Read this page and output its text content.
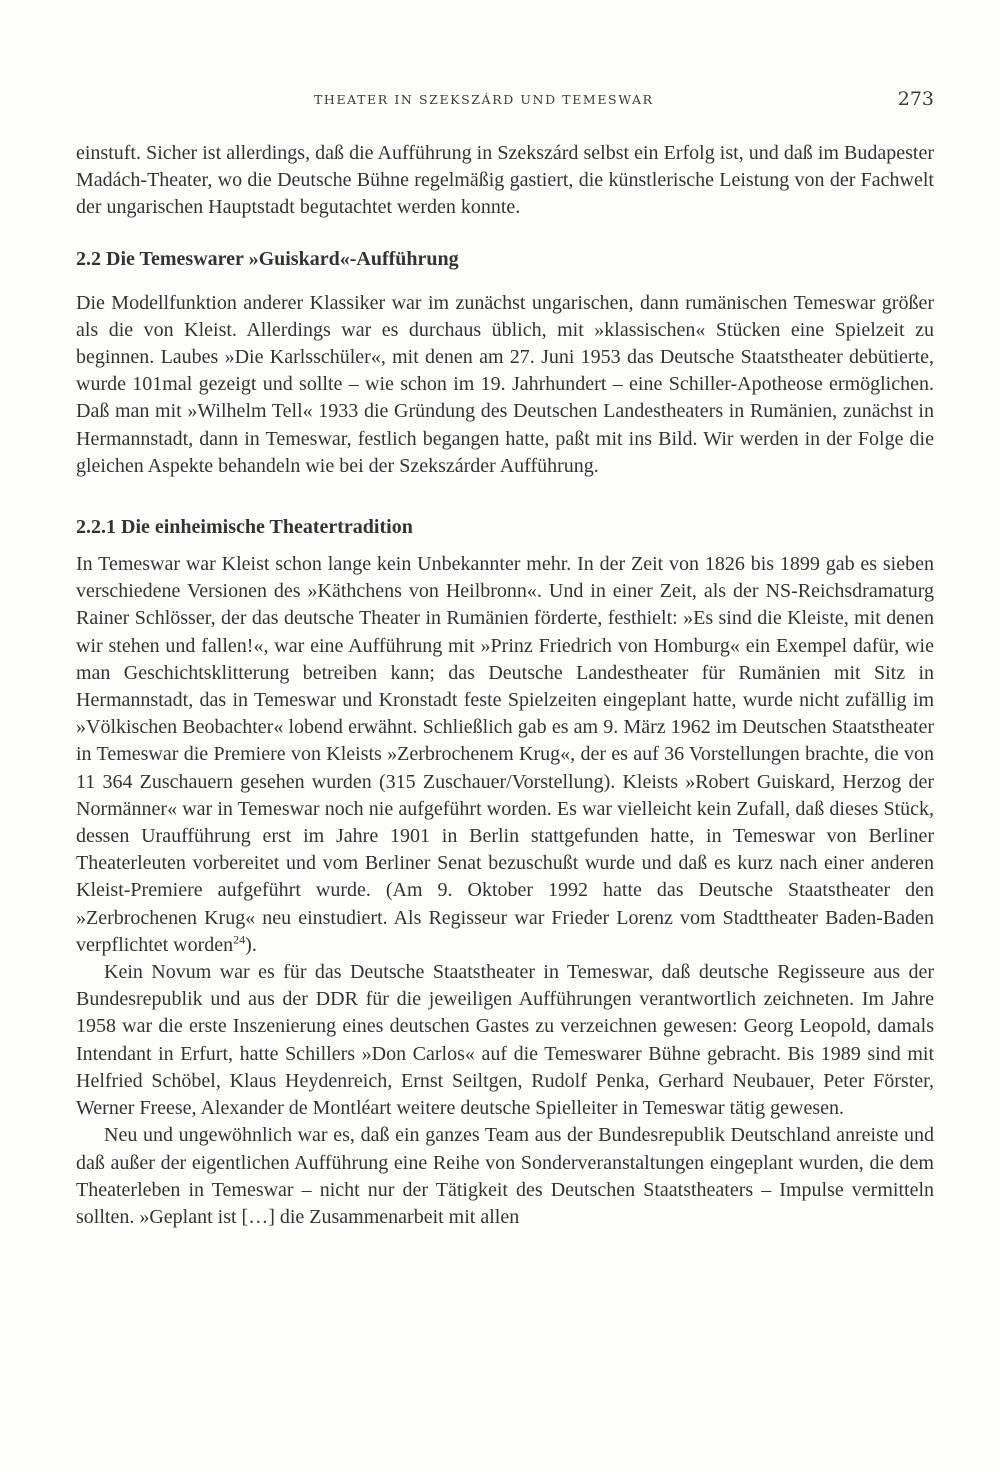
THEATER IN SZEKSZÁRD UND TEMESWAR	273

einstuft. Sicher ist allerdings, daß die Aufführung in Szekszárd selbst ein Erfolg ist, und daß im Budapester Madách-Theater, wo die Deutsche Bühne regelmäßig gastiert, die künstlerische Leistung von der Fachwelt der ungarischen Hauptstadt begutachtet werden konnte.

2.2 Die Temeswarer »Guiskard«-Aufführung

Die Modellfunktion anderer Klassiker war im zunächst ungarischen, dann rumänischen Temeswar größer als die von Kleist. Allerdings war es durchaus üblich, mit »klassischen« Stücken eine Spielzeit zu beginnen. Laubes »Die Karlsschüler«, mit denen am 27. Juni 1953 das Deutsche Staatstheater debütierte, wurde 101mal gezeigt und sollte – wie schon im 19. Jahrhundert – eine Schiller-Apotheose ermöglichen. Daß man mit »Wilhelm Tell« 1933 die Gründung des Deutschen Landestheaters in Rumänien, zunächst in Hermannstadt, dann in Temeswar, festlich begangen hatte, paßt mit ins Bild. Wir werden in der Folge die gleichen Aspekte behandeln wie bei der Szekszárder Aufführung.

2.2.1 Die einheimische Theatertradition

In Temeswar war Kleist schon lange kein Unbekannter mehr. In der Zeit von 1826 bis 1899 gab es sieben verschiedene Versionen des »Käthchens von Heilbronn«. Und in einer Zeit, als der NS-Reichsdramaturg Rainer Schlösser, der das deutsche Theater in Rumänien förderte, festhielt: »Es sind die Kleiste, mit denen wir stehen und fallen!«, war eine Aufführung mit »Prinz Friedrich von Homburg« ein Exempel dafür, wie man Geschichtsklitterung betreiben kann; das Deutsche Landestheater für Rumänien mit Sitz in Hermannstadt, das in Temeswar und Kronstadt feste Spielzeiten eingeplant hatte, wurde nicht zufällig im »Völkischen Beobachter« lobend erwähnt. Schließlich gab es am 9. März 1962 im Deutschen Staatstheater in Temeswar die Premiere von Kleists »Zerbrochenem Krug«, der es auf 36 Vorstellungen brachte, die von 11 364 Zuschauern gesehen wurden (315 Zuschauer/Vorstellung). Kleists »Robert Guiskard, Herzog der Normänner« war in Temeswar noch nie aufgeführt worden. Es war vielleicht kein Zufall, daß dieses Stück, dessen Uraufführung erst im Jahre 1901 in Berlin stattgefunden hatte, in Temeswar von Berliner Theaterleuten vorbereitet und vom Berliner Senat bezuschußt wurde und daß es kurz nach einer anderen Kleist-Premiere aufgeführt wurde. (Am 9. Oktober 1992 hatte das Deutsche Staatstheater den »Zerbrochenen Krug« neu einstudiert. Als Regisseur war Frieder Lorenz vom Stadttheater Baden-Baden verpflichtet worden$^{24}$).

Kein Novum war es für das Deutsche Staatstheater in Temeswar, daß deutsche Regisseure aus der Bundesrepublik und aus der DDR für die jeweiligen Aufführungen verantwortlich zeichneten. Im Jahre 1958 war die erste Inszenierung eines deutschen Gastes zu verzeichnen gewesen: Georg Leopold, damals Intendant in Erfurt, hatte Schillers »Don Carlos« auf die Temeswarer Bühne gebracht. Bis 1989 sind mit Helfried Schöbel, Klaus Heydenreich, Ernst Seiltgen, Rudolf Penka, Gerhard Neubauer, Peter Förster, Werner Freese, Alexander de Montléart weitere deutsche Spielleiter in Temeswar tätig gewesen.

Neu und ungewöhnlich war es, daß ein ganzes Team aus der Bundesrepublik Deutschland anreiste und daß außer der eigentlichen Aufführung eine Reihe von Sonderveranstaltungen eingeplant wurden, die dem Theaterleben in Temeswar – nicht nur der Tätigkeit des Deutschen Staatstheaters – Impulse vermitteln sollten. »Geplant ist […] die Zusammenarbeit mit allen
